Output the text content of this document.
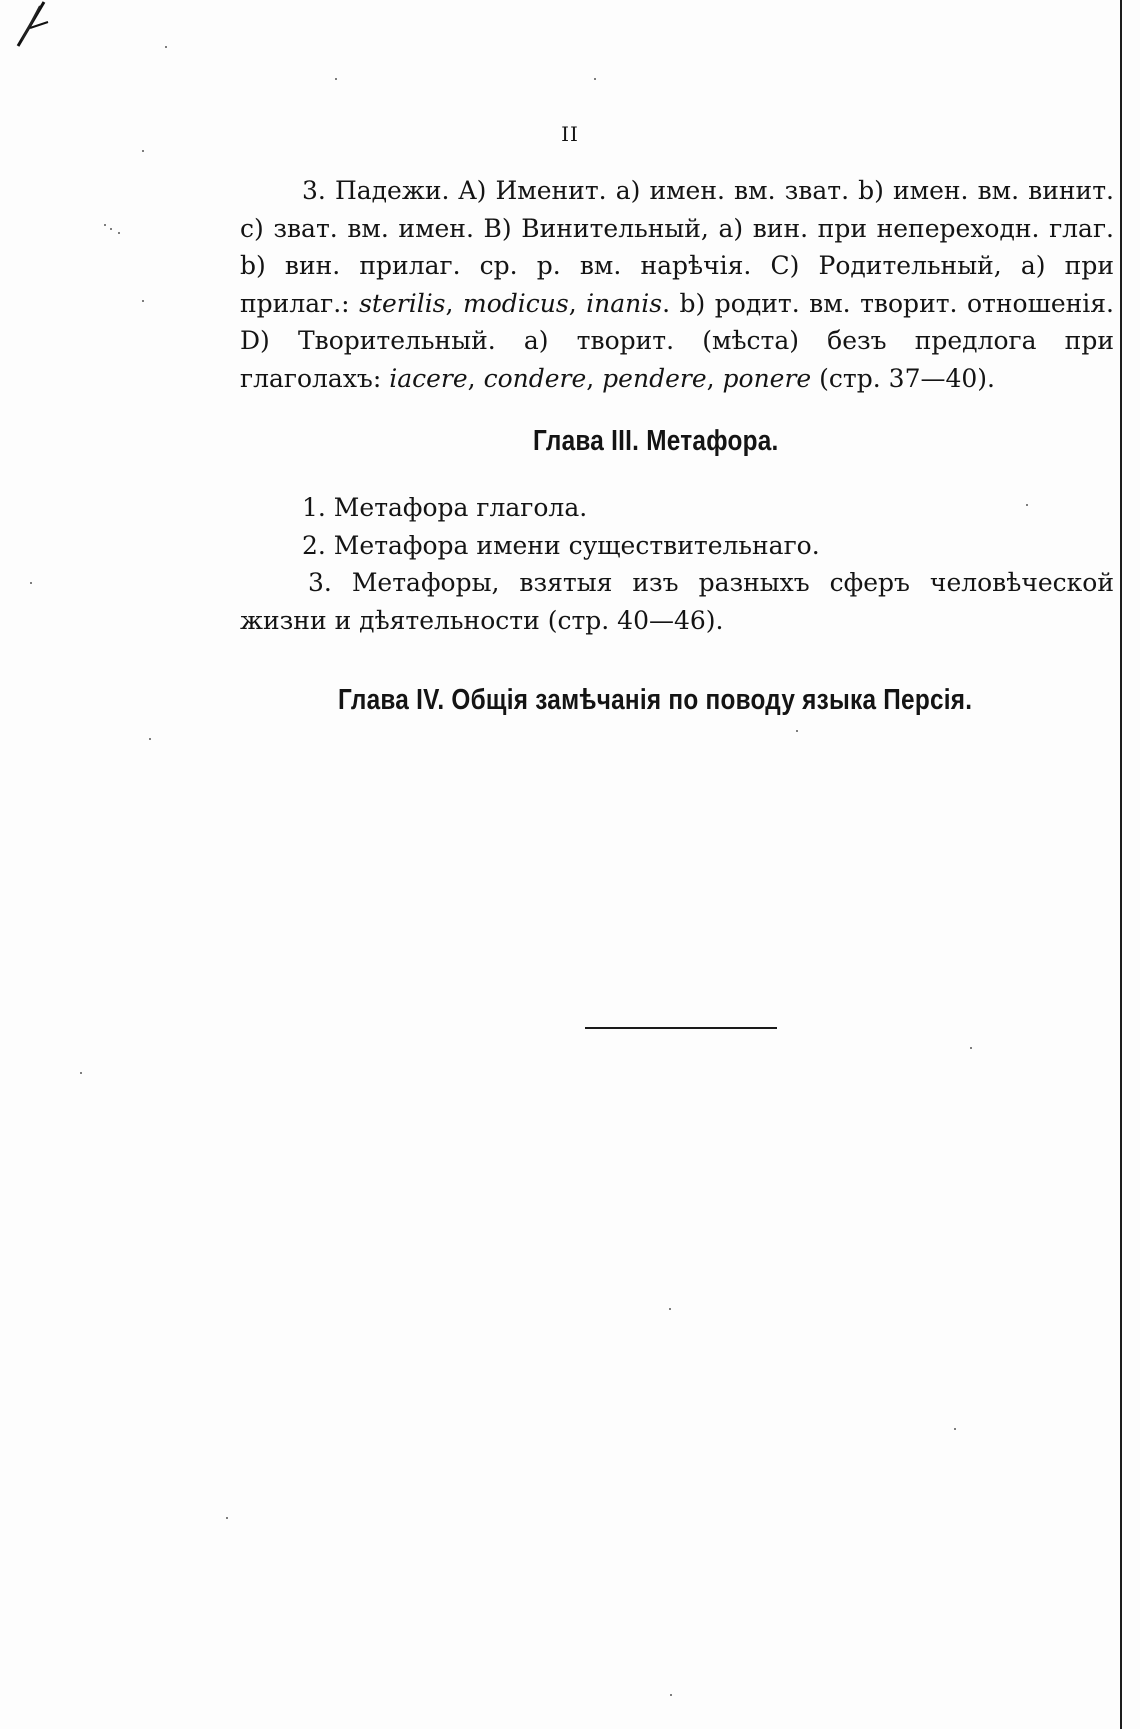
II

3. Падежи. A) Именит. a) имен. вм. зват. b) имен. вм. винит. c) зват. вм. имен. B) Винительный, a) вин. при непереходн. глаг. b) вин. прилаг. ср. р. вм. нарѣчія. C) Родительный, a) при прилаг.: sterilis, modicus, inanis. b) родит. вм. творит. отношенія. D) Творительный. a) творит. (мѣста) безъ предлога при глаголахъ: iacere, condere, pendere, ponere (стр. 37—40).

Глава III. Метафора.

1. Метафора глагола.

2. Метафора имени существительнаго.

3. Метафоры, взятыя изъ разныхъ сферъ человѣческой жизни и дѣятельности (стр. 40—46).

Глава IV. Общія замѣчанія по поводу языка Персія.
